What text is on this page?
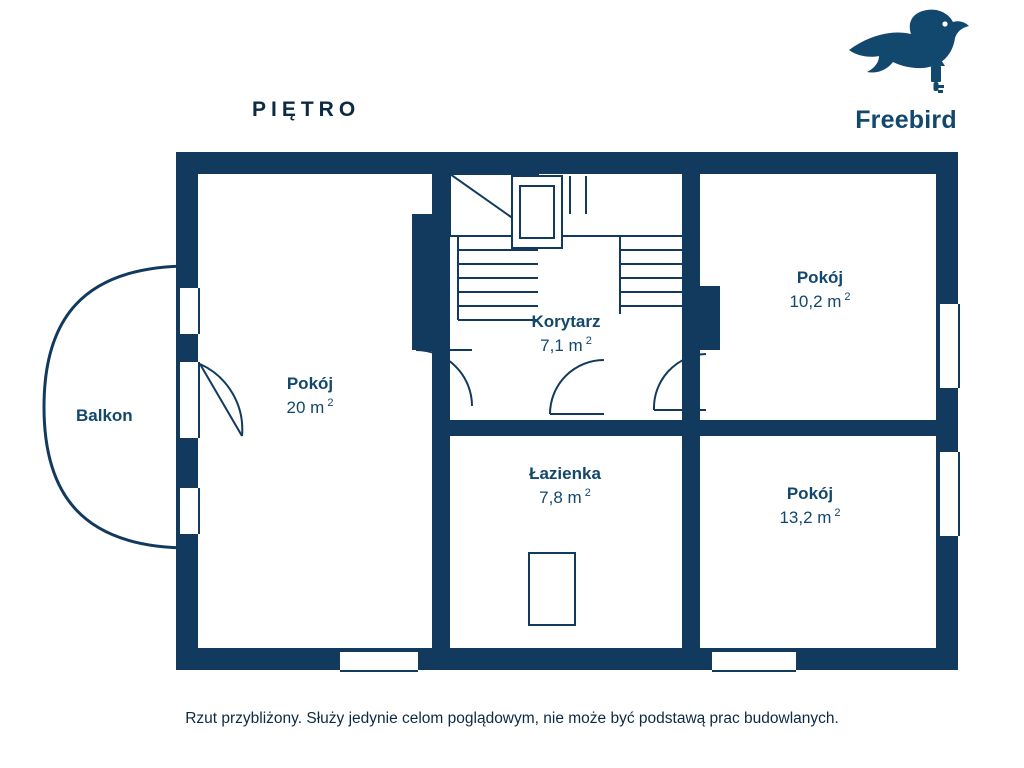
PIĘTRO	Freebird
Balkon
Pokój
20 m $^2$
Korytarz
7,1 m $^2$
Pokój
10,2 m $^2$
Łazienka
7,8 m $^2$	Pokój
13,2 m $^2$
Rzut przybliżony. Służy jedynie celom poglądowym, nie może być podstawą prac budowlanych.
